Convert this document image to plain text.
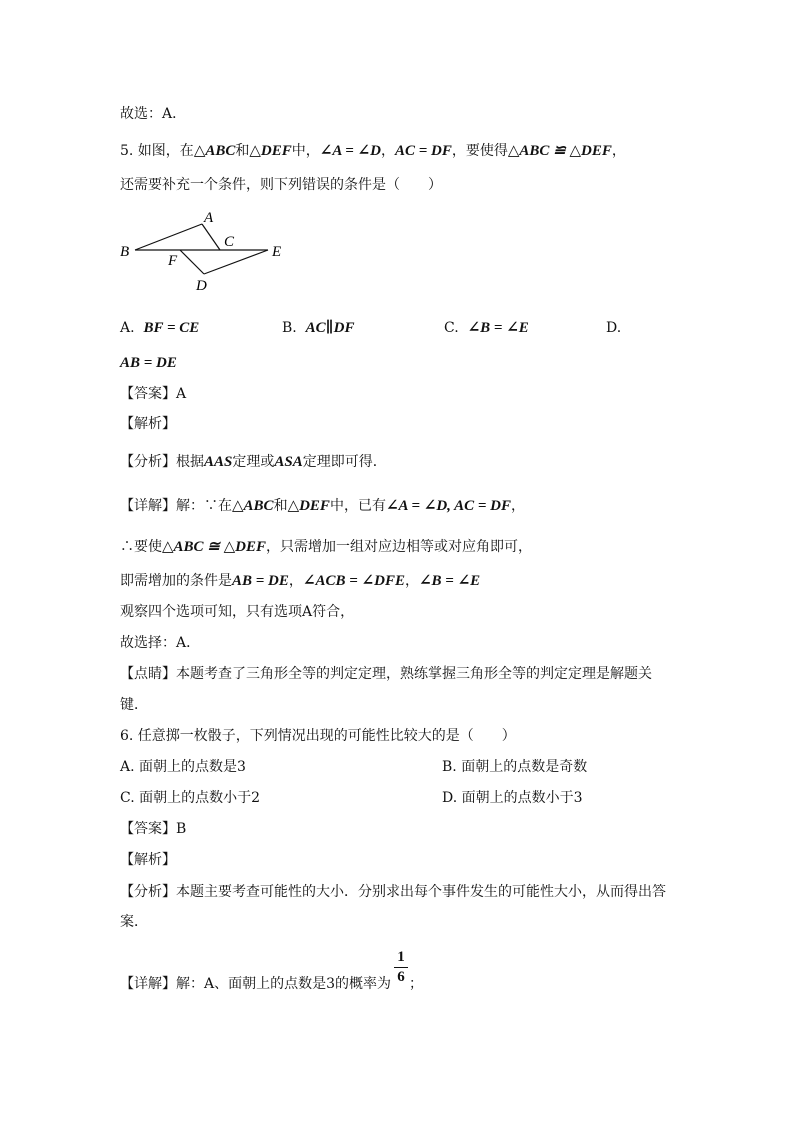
故选：A．
5. 如图，在△ABC和△DEF中，∠A = ∠D，AC = DF，要使得△ABC ≌ △DEF，
还需要补充一个条件，则下列错误的条件是（　　）
A
B
C
D
E
F
A. BF = CE	B. AC∥DF	C. ∠B = ∠E	D.
AB = DE
【答案】A
【解析】
【分析】根据AAS定理或ASA定理即可得．
【详解】解：∵在△ABC和△DEF中，已有∠A = ∠D, AC = DF，
∴要使△ABC ≅ △DEF，只需增加一组对应边相等或对应角即可，
即需增加的条件是AB = DE，∠ACB = ∠DFE，∠B = ∠E
观察四个选项可知，只有选项A符合，
故选择：A．
【点睛】本题考查了三角形全等的判定定理，熟练掌握三角形全等的判定定理是解题关
键．
6. 任意掷一枚骰子，下列情况出现的可能性比较大的是（　　）
A. 面朝上的点数是3	B. 面朝上的点数是奇数
C. 面朝上的点数小于2	D. 面朝上的点数小于3
【答案】B
【解析】
【分析】本题主要考查可能性的大小．分别求出每个事件发生的可能性大小，从而得出答
案．
【详解】解：A、面朝上的点数是3的概率为 ；
1
6
